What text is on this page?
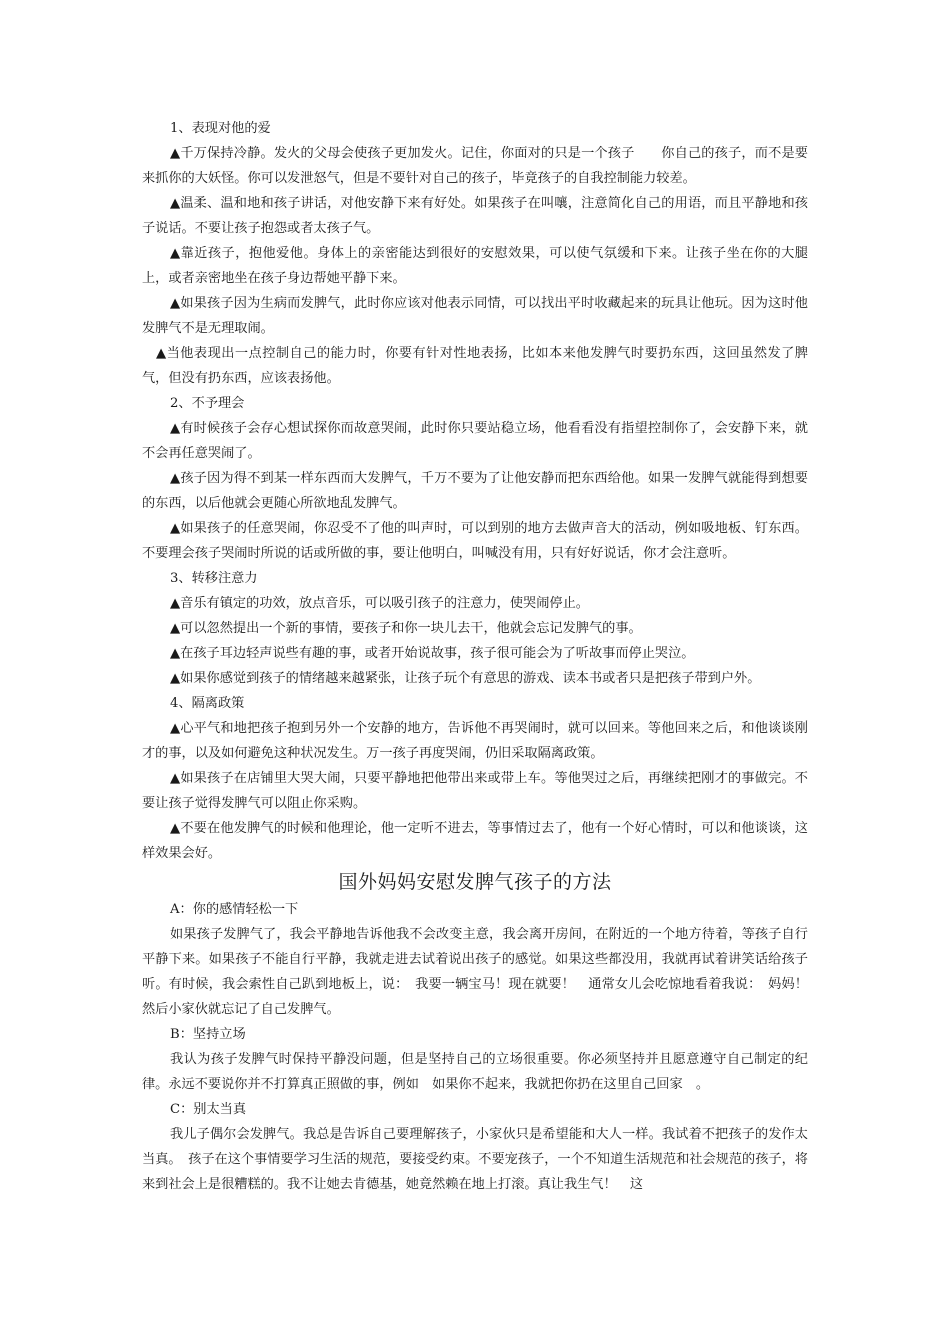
1、表现对他的爱

▲千万保持冷静。发火的父母会使孩子更加发火。记住，你面对的只是一个孩子　　你自己的孩子，而不是要来抓你的大妖怪。你可以发泄怒气，但是不要针对自己的孩子，毕竟孩子的自我控制能力较差。

▲温柔、温和地和孩子讲话，对他安静下来有好处。如果孩子在叫嚷，注意简化自己的用语，而且平静地和孩子说话。不要让孩子抱怨或者太孩子气。

▲靠近孩子，抱他爱他。身体上的亲密能达到很好的安慰效果，可以使气氛缓和下来。让孩子坐在你的大腿上，或者亲密地坐在孩子身边帮她平静下来。

▲如果孩子因为生病而发脾气，此时你应该对他表示同情，可以找出平时收藏起来的玩具让他玩。因为这时他发脾气不是无理取闹。

▲当他表现出一点控制自己的能力时，你要有针对性地表扬，比如本来他发脾气时要扔东西，这回虽然发了脾气，但没有扔东西，应该表扬他。

2、不予理会

▲有时候孩子会存心想试探你而故意哭闹，此时你只要站稳立场，他看看没有指望控制你了，会安静下来，就不会再任意哭闹了。

▲孩子因为得不到某一样东西而大发脾气，千万不要为了让他安静而把东西给他。如果一发脾气就能得到想要的东西，以后他就会更随心所欲地乱发脾气。

▲如果孩子的任意哭闹，你忍受不了他的叫声时，可以到别的地方去做声音大的活动，例如吸地板、钉东西。不要理会孩子哭闹时所说的话或所做的事，要让他明白，叫喊没有用，只有好好说话，你才会注意听。

3、转移注意力

▲音乐有镇定的功效，放点音乐，可以吸引孩子的注意力，使哭闹停止。

▲可以忽然提出一个新的事情，要孩子和你一块儿去干，他就会忘记发脾气的事。

▲在孩子耳边轻声说些有趣的事，或者开始说故事，孩子很可能会为了听故事而停止哭泣。

▲如果你感觉到孩子的情绪越来越紧张，让孩子玩个有意思的游戏、读本书或者只是把孩子带到户外。

4、隔离政策

▲心平气和地把孩子抱到另外一个安静的地方，告诉他不再哭闹时，就可以回来。等他回来之后，和他谈谈刚才的事，以及如何避免这种状况发生。万一孩子再度哭闹，仍旧采取隔离政策。

▲如果孩子在店铺里大哭大闹，只要平静地把他带出来或带上车。等他哭过之后，再继续把刚才的事做完。不要让孩子觉得发脾气可以阻止你采购。

▲不要在他发脾气的时候和他理论，他一定听不进去，等事情过去了，他有一个好心情时，可以和他谈谈，这样效果会好。

国外妈妈安慰发脾气孩子的方法

A：你的感情轻松一下

如果孩子发脾气了，我会平静地告诉他我不会改变主意，我会离开房间，在附近的一个地方待着，等孩子自行平静下来。如果孩子不能自行平静，我就走进去试着说出孩子的感觉。如果这些都没用，我就再试着讲笑话给孩子听。有时候，我会索性自己趴到地板上，说：　我要一辆宝马！现在就要！　通常女儿会吃惊地看着我说：　妈妈！　　　然后小家伙就忘记了自己发脾气。

B：坚持立场

我认为孩子发脾气时保持平静没问题，但是坚持自己的立场很重要。你必须坚持并且愿意遵守自己制定的纪律。永远不要说你并不打算真正照做的事，例如　如果你不起来，我就把你扔在这里自己回家　。

C：别太当真

我儿子偶尔会发脾气。我总是告诉自己要理解孩子，小家伙只是希望能和大人一样。我试着不把孩子的发作太当真。　孩子在这个事情要学习生活的规范，要接受约束。不要宠孩子，一个不知道生活规范和社会规范的孩子，将来到社会上是很糟糕的。我不让她去肯德基，她竟然赖在地上打滚。真让我生气！　这
